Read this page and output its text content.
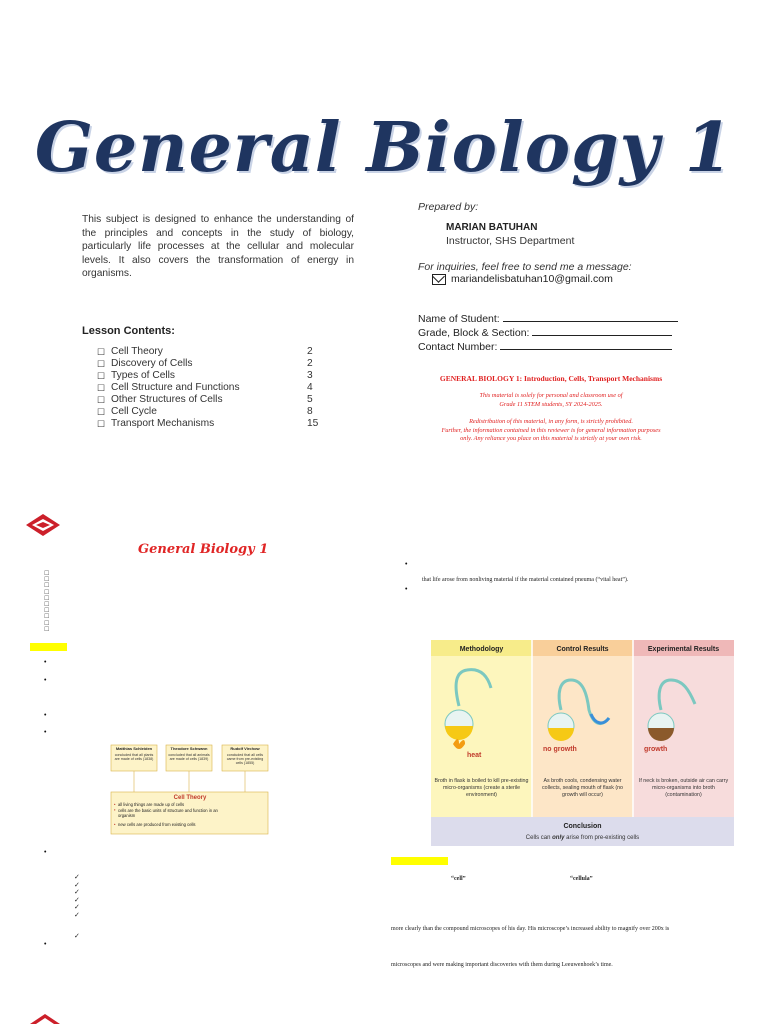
General Biology 1
This subject is designed to enhance the understanding of the principles and concepts in the study of biology, particularly life processes at the cellular and molecular levels. It also covers the transformation of energy in organisms.
Lesson Contents:
☐ Cell Theory	2
☐ Discovery of Cells	2
☐ Types of Cells	3
☐ Cell Structure and Functions	4
☐ Other Structures of Cells	5
☐ Cell Cycle	8
☐ Transport Mechanisms	15
Prepared by:
MARIAN BATUHAN
Instructor, SHS Department
For inquiries, feel free to send me a message:
mariandelisbatuhan10@gmail.com
Name of Student:
Grade, Block & Section:
Contact Number:
GENERAL BIOLOGY 1: Introduction, Cells, Transport Mechanisms
This material is solely for personal and classroom use of
Grade 11 STEM students, SY 2024-2025.
Redistribution of this material, in any form, is strictly prohibited.
Further, the information contained in this reviewer is for general information purposes
only. Any reliance you place on this material is strictly at your own risk.
General Biology 1
☐
☐
☐
☐
☐
☐
☐
☐
☐
☐
•
•
•
•
•
•
✓
✓
✓
✓
✓
✓
✓
Matthias Schleiden	Theodore Schwann	Rudolf Virchow
concluded that all plants are made of cells (1838)
concluded that all animals are made of cells (1839)
concluded that all cells came from pre-existing cells (1855)
Cell Theory
• all living things are made up of cells
cells are the basic units of structure and function in an organism
•
• new cells are produced from existing cells
•
that life arose from nonliving material if the material contained pneuma (“vital heat”).
•
Methodology	Control Results	Experimental Results
heat
no growth	growth
Broth in flask is boiled to kill pre-existing micro-organisms (create a sterile environment)
As broth cools, condensing water collects, sealing mouth of flask (no growth will occur)
If neck is broken, outside air can carry micro-organisms into broth (contamination)
Conclusion
Cells can only arise from pre-existing cells
“cell”	“cellula”
more clearly than the compound microscopes of his day. His microscope’s increased ability to magnify over 200x is
microscopes and were making important discoveries with them during Leeuwenhoek’s time.
